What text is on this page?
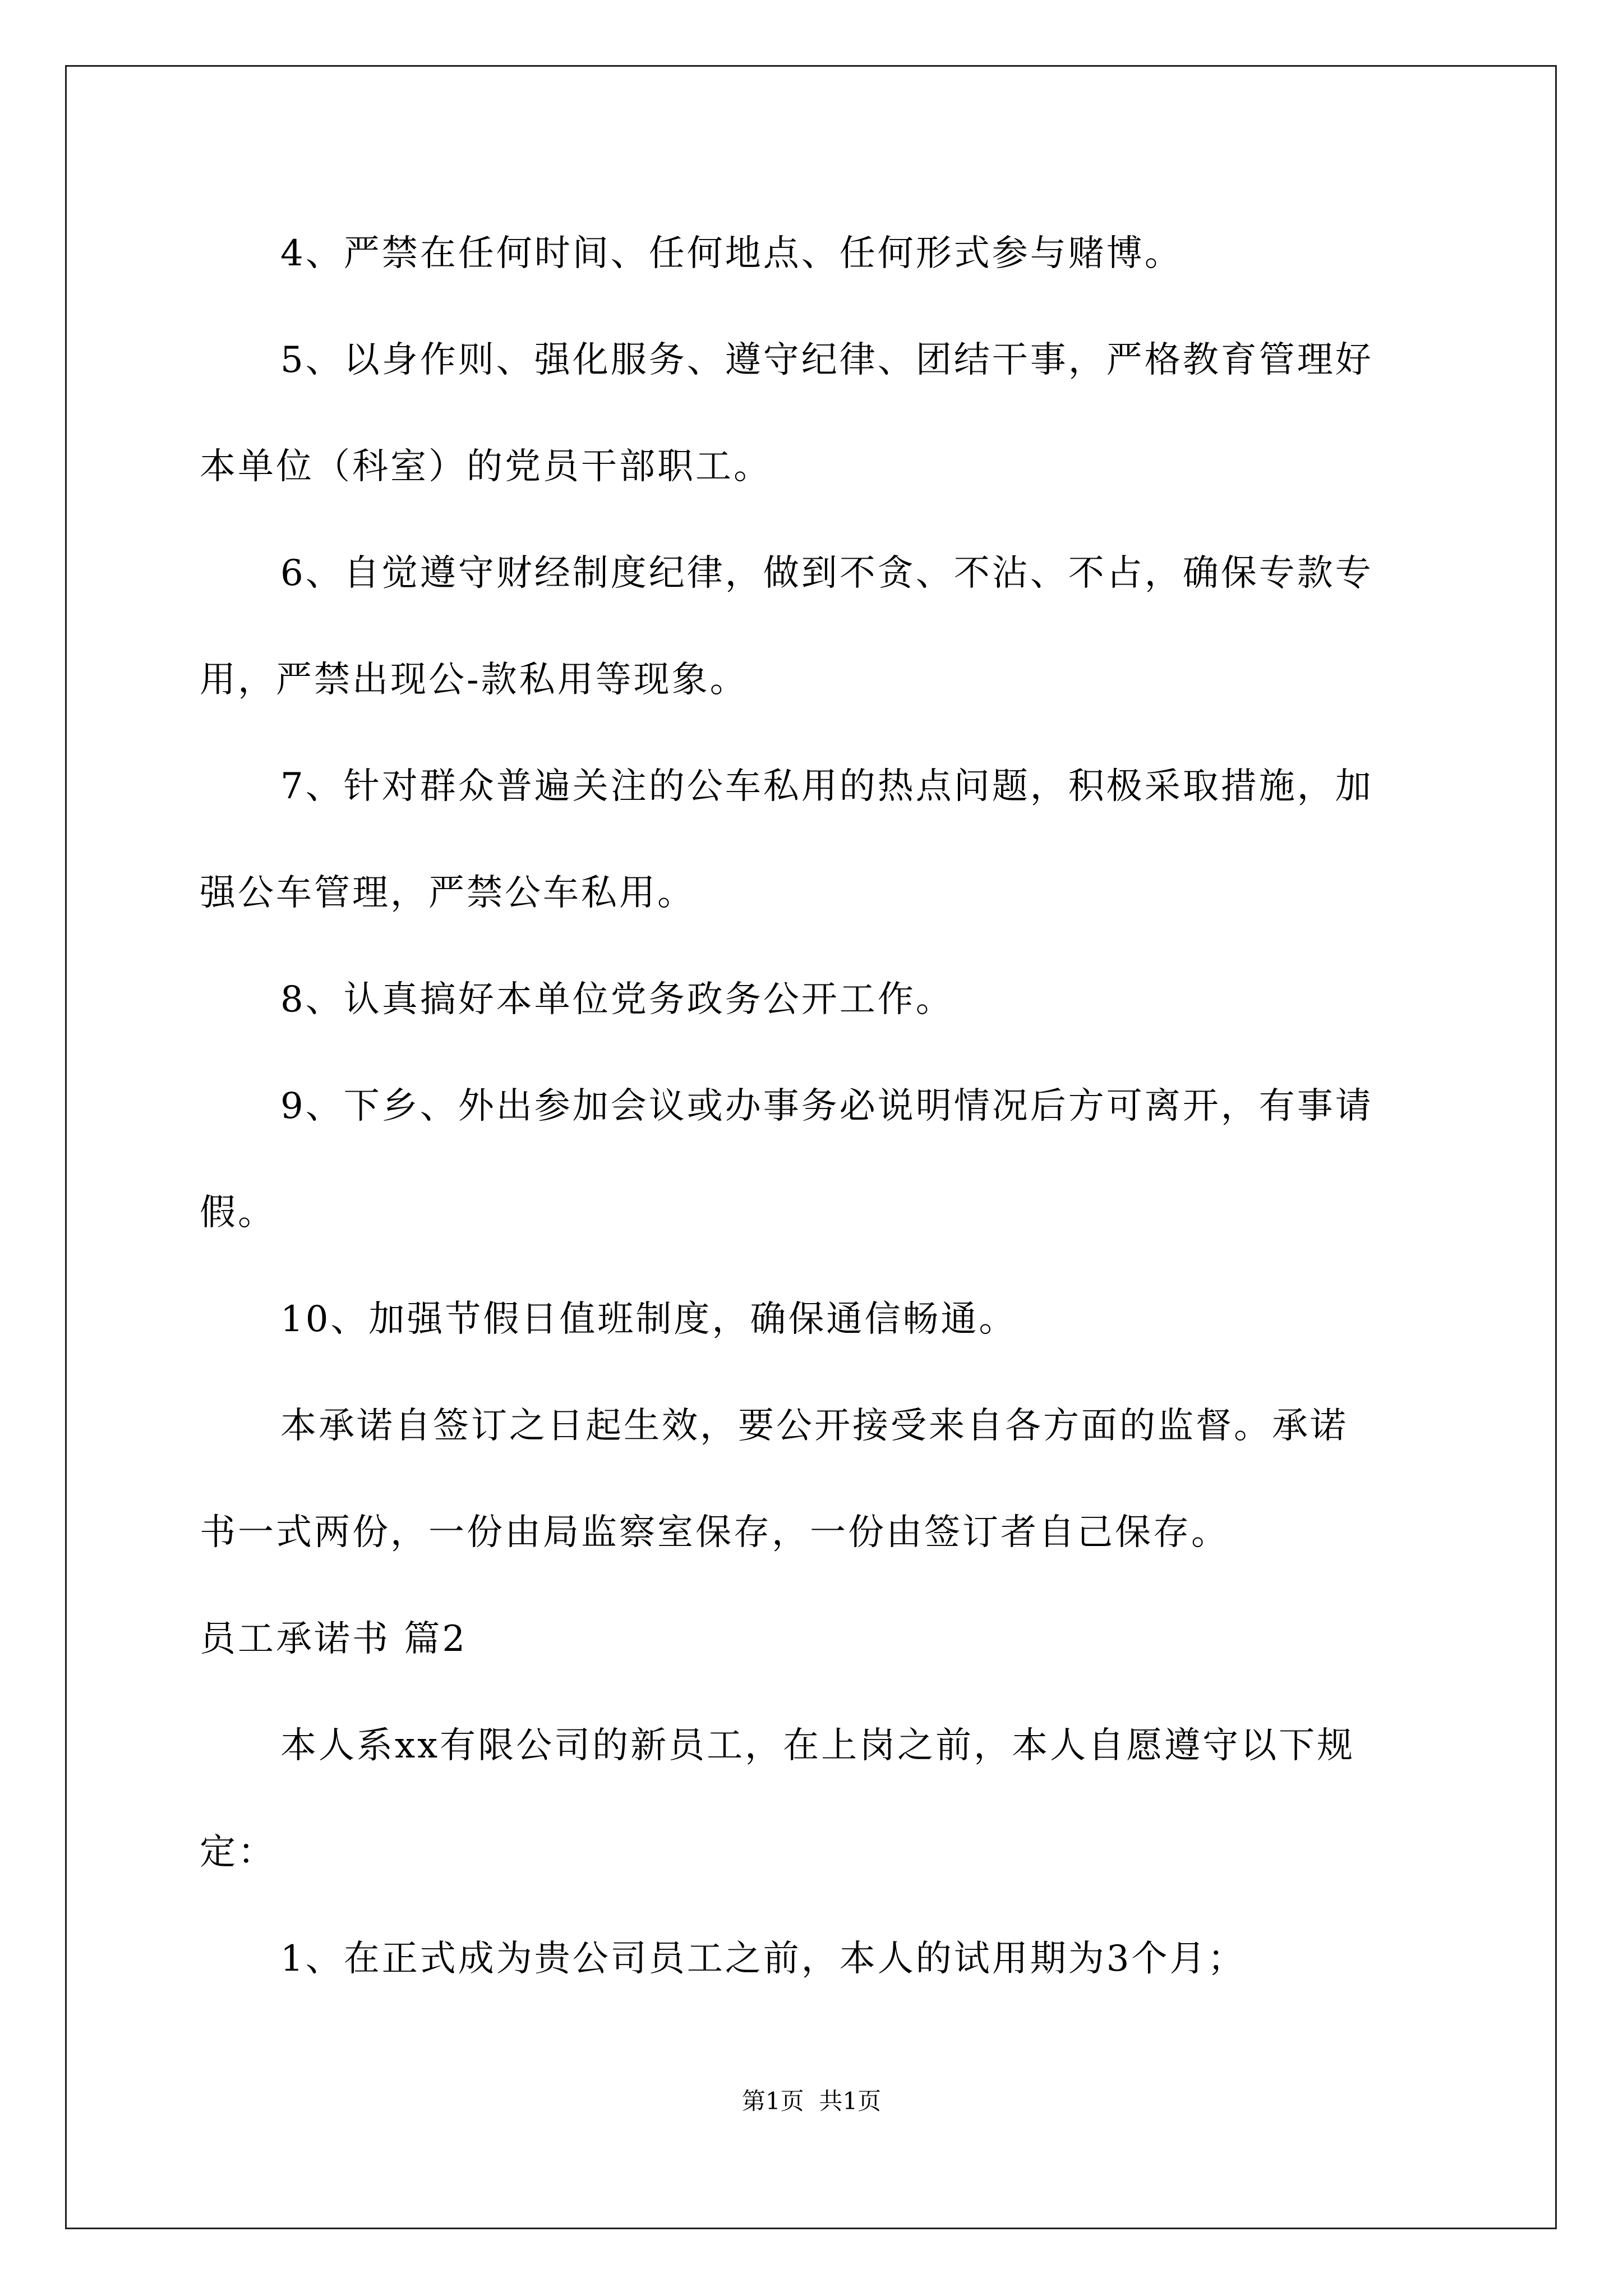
4、严禁在任何时间、任何地点、任何形式参与赌博。
5、以身作则、强化服务、遵守纪律、团结干事，严格教育管理好
本单位（科室）的党员干部职工。
6、自觉遵守财经制度纪律，做到不贪、不沾、不占，确保专款专
用，严禁出现公-款私用等现象。
7、针对群众普遍关注的公车私用的热点问题，积极采取措施，加
强公车管理，严禁公车私用。
8、认真搞好本单位党务政务公开工作。
9、下乡、外出参加会议或办事务必说明情况后方可离开，有事请
假。
10、加强节假日值班制度，确保通信畅通。
本承诺自签订之日起生效，要公开接受来自各方面的监督。承诺
书一式两份，一份由局监察室保存，一份由签订者自己保存。
员工承诺书 篇2
本人系xx有限公司的新员工，在上岗之前，本人自愿遵守以下规
定：
1、在正式成为贵公司员工之前，本人的试用期为3个月；
第1页  共1页
